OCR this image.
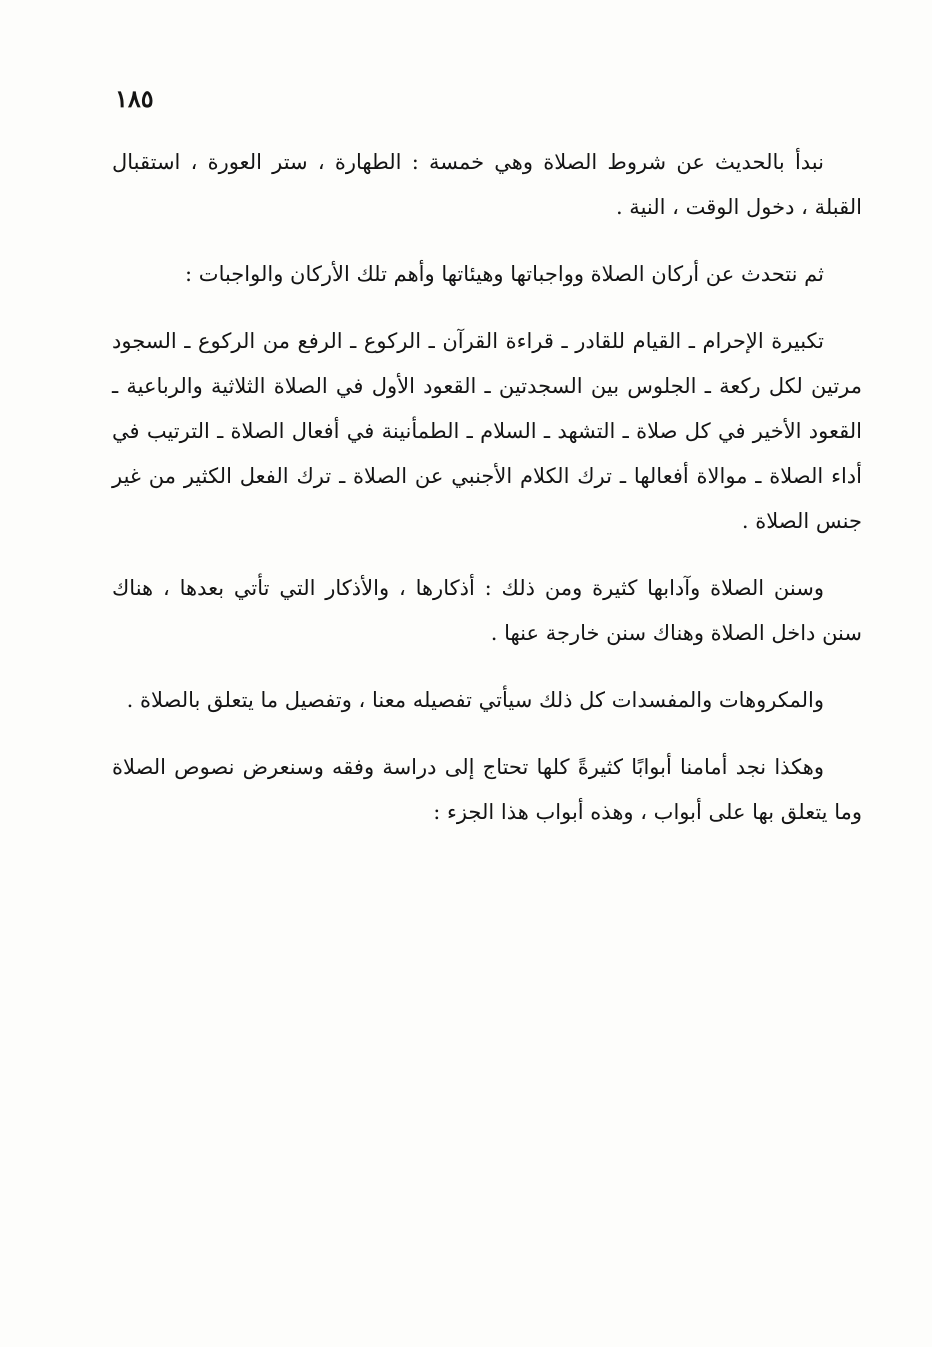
١٨٥

نبدأ بالحديث عن شروط الصلاة وهي خمسة : الطهارة ، ستر العورة ، استقبال القبلة ، دخول الوقت ، النية .

ثم نتحدث عن أركان الصلاة وواجباتها وهيئاتها وأهم تلك الأركان والواجبات :

تكبيرة الإحرام ـ القيام للقادر ـ قراءة القرآن ـ الركوع ـ الرفع من الركوع ـ السجود مرتين لكل ركعة ـ الجلوس بين السجدتين ـ القعود الأول في الصلاة الثلاثية والرباعية ـ القعود الأخير في كل صلاة ـ التشهد ـ السلام ـ الطمأنينة في أفعال الصلاة ـ الترتيب في أداء الصلاة ـ موالاة أفعالها ـ ترك الكلام الأجنبي عن الصلاة ـ ترك الفعل الكثير من غير جنس الصلاة .

وسنن الصلاة وآدابها كثيرة ومن ذلك : أذكارها ، والأذكار التي تأتي بعدها ، هناك سنن داخل الصلاة وهناك سنن خارجة عنها .

والمكروهات والمفسدات كل ذلك سيأتي تفصيله معنا ، وتفصيل ما يتعلق بالصلاة .

وهكذا نجد أمامنا أبوابًا كثيرةً كلها تحتاج إلى دراسة وفقه وسنعرض نصوص الصلاة وما يتعلق بها على أبواب ، وهذه أبواب هذا الجزء :
